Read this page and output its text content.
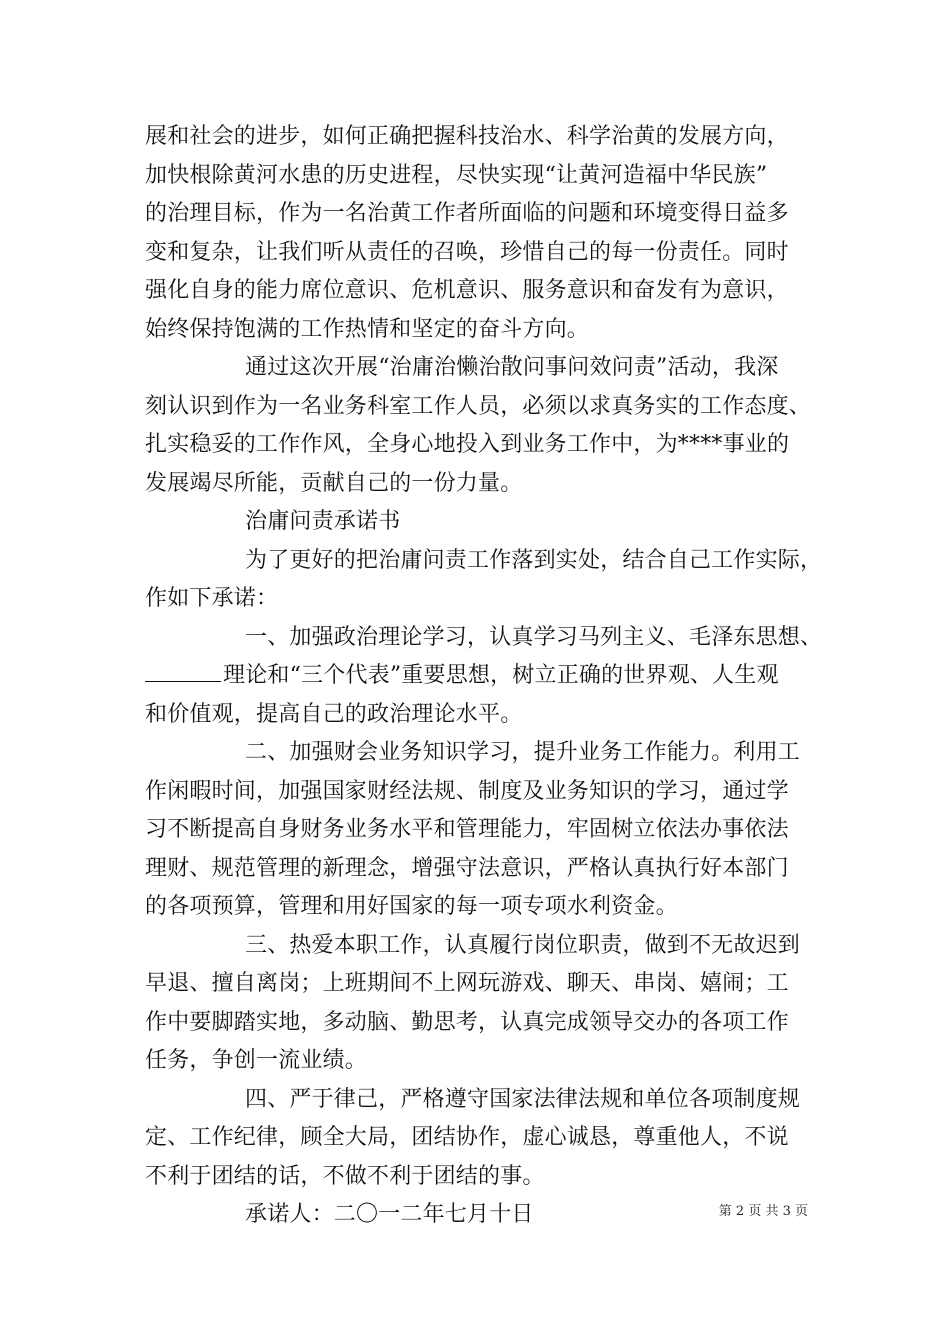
展和社会的进步，如何正确把握科技治水、科学治黄的发展方向，
加快根除黄河水患的历史进程，尽快实现“让黄河造福中华民族”
的治理目标，作为一名治黄工作者所面临的问题和环境变得日益多
变和复杂，让我们听从责任的召唤，珍惜自己的每一份责任。同时
强化自身的能力席位意识、危机意识、服务意识和奋发有为意识，
始终保持饱满的工作热情和坚定的奋斗方向。
通过这次开展“治庸治懒治散问事问效问责”活动，我深
刻认识到作为一名业务科室工作人员，必须以求真务实的工作态度、
扎实稳妥的工作作风，全身心地投入到业务工作中，为****事业的
发展竭尽所能，贡献自己的一份力量。
治庸问责承诺书
为了更好的把治庸问责工作落到实处，结合自己工作实际，
作如下承诺：
一、加强政治理论学习，认真学习马列主义、毛泽东思想、
理论和“三个代表”重要思想，树立正确的世界观、人生观
和价值观，提高自己的政治理论水平。
二、加强财会业务知识学习，提升业务工作能力。利用工
作闲暇时间，加强国家财经法规、制度及业务知识的学习，通过学
习不断提高自身财务业务水平和管理能力，牢固树立依法办事依法
理财、规范管理的新理念，增强守法意识，严格认真执行好本部门
的各项预算，管理和用好国家的每一项专项水利资金。
三、热爱本职工作，认真履行岗位职责，做到不无故迟到
早退、擅自离岗；上班期间不上网玩游戏、聊天、串岗、嬉闹；工
作中要脚踏实地，多动脑、勤思考，认真完成领导交办的各项工作
任务，争创一流业绩。
四、严于律己，严格遵守国家法律法规和单位各项制度规
定、工作纪律，顾全大局，团结协作，虚心诚恳，尊重他人，不说
不利于团结的话，不做不利于团结的事。
承诺人：二〇一二年七月十日	第 2 页 共 3 页
